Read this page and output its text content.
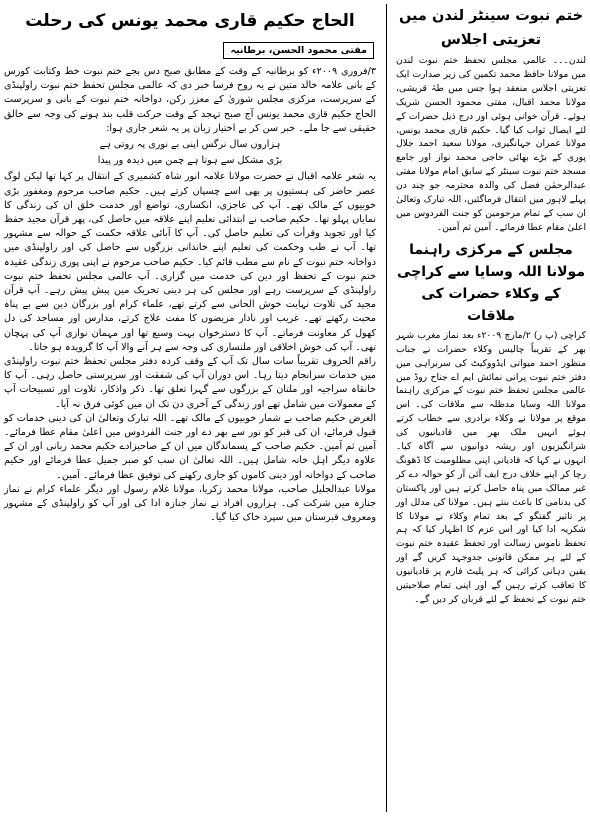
ختم نبوت سینٹر لندن میں تعزیتی اجلاس

لندن۔۔۔ عالمی مجلس تحفظ ختم نبوت لندن میں مولانا حافظ محمد تکمین کی زیر صدارت ایک تعزیتی اجلاس منعقد ہوا جس میں طہٰ قریشی، مولانا محمد اقبال، مفتی محمود الحسن شریک ہوئے۔ قرآن خوانی ہوئی اور درج ذیل حضرات کے لئے ایصال ثواب کیا گیا۔ حکیم قاری محمد یونس، مولانا عمران جہانگیری، مولانا سعید احمد جلال پوری کے بڑے بھائی حاجی محمد نواز اور جامع مسجد ختم نبوت سینٹر کے سابق امام مولانا مفتی عبدالرحمٰن فضل کی والدہ محترمہ جو چند دن پہلے لاہور میں انتقال فرماگئیں، اللہ تبارک وتعالیٰ ان سب کے تمام مرحومین کو جنت الفردوس میں اعلیٰ مقام عطا فرمائے۔ آمین ثم آمین۔

مجلس کے مرکزی راہنما مولانا اللہ وسایا سے کراچی کے وکلاء حضرات کی ملاقات

کراچی (پ ر) ۲/مارچ ۲۰۰۹ء بعد نماز مغرب شہر بھر کے تقریباً چالیس وکلاء حضرات نے جناب منظور احمد میواتی ایڈووکیٹ کی سربراہی میں دفتر ختم نبوت پرانی نمائش ایم اے جناح روڈ میں عالمی مجلس تحفظ ختم نبوت کے مرکزی راہنما مولانا اللہ وسایا مدظلہ سے ملاقات کی۔ اس موقع پر مولانا نے وکلاء برادری سے خطاب کرتے ہوئے انہیں ملک بھر میں قادیانیوں کی شرانگیزیوں اور ریشہ دوانیوں سے آگاہ کیا۔ انہوں نے کہا کہ قادیانی اپنی مظلومیت کا ڈھونگ رچا کر اپنے خلاف درج ایف آئی آر کو حوالہ دے کر غیر ممالک میں پناہ حاصل کرتے ہیں اور پاکستان کی بدنامی کا باعث بنتے ہیں۔ مولانا کی مدلل اور پر تاثیر گفتگو کے بعد تمام وکلاء نے مولانا کا شکریہ ادا کیا اور اس عزم کا اظہار کیا کہ ہم تحفظ ناموس رسالت اور تحفظ عقیدہ ختم نبوت کے لئے ہر ممکن قانونی جدوجہد کریں گے اور یقین دہانی کرائی کہ ہر پلیٹ فارم پر قادیانیوں کا تعاقب کرتے رہیں گے اور اپنی تمام صلاحیتیں ختم نبوت کے تحفظ کے لئے قربان کر دیں گے۔

الحاج حکیم قاری محمد یونس کی رحلت
مفتی محمود الحسن، برطانیہ

۳/فروری ۲۰۰۹ء کو برطانیہ کے وقت کے مطابق صبح دس بجے ختم نبوت خط وکتابت کورس کے بانی علامہ خالد متین نے یہ روح فرسا خبر دی کہ عالمی مجلس تحفظ ختم نبوت راولپنڈی کے سرپرست، مرکزی مجلس شوریٰ کے معزز رکن، دواخانہ ختم نبوت کے بانی و سرپرست الحاج حکیم قاری محمد یونس آج صبح تہجد کے وقت حرکت قلب بند ہونے کی وجہ سے خالق حقیقی سے جا ملے۔ خبر سن کر بے اختیار زبان پر یہ شعر جاری ہوا:

ہزاروں سال نرگس اپنی بے نوری پہ روتی ہے

بڑی مشکل سے ہوتا ہے چمن میں دیدہ ور پیدا

یہ شعر علامہ اقبال نے حضرت مولانا علامہ انور شاہ کشمیری کے انتقال پر کہا تھا لیکن لوگ عصر حاضر کی ہستیوں پر بھی اسے چسپاں کرتے ہیں۔ حکیم صاحب مرحوم ومغفور بڑی خوبیوں کے مالک تھے۔ آپ کی عاجزی، انکساری، تواضع اور خدمت خلق ان کی زندگی کا نمایاں پہلو تھا۔ حکیم صاحب نے ابتدائی تعلیم اپنے علاقہ میں حاصل کی، پھر قرآن مجید حفظ کیا اور تجوید وقرأت کی تعلیم حاصل کی۔ آپ کا آبائی علاقہ حکمت کے حوالہ سے مشہور تھا۔ آپ نے طب وحکمت کی تعلیم اپنے خاندانی بزرگوں سے حاصل کی اور راولپنڈی میں دواخانہ ختم نبوت کے نام سے مطب قائم کیا۔ حکیم صاحب مرحوم نے اپنی پوری زندگی عقیدہ ختم نبوت کے تحفظ اور دین کی خدمت میں گزاری۔ آپ عالمی مجلس تحفظ ختم نبوت راولپنڈی کے سرپرست رہے اور مجلس کی ہر دینی تحریک میں پیش پیش رہے۔ آپ قرآن مجید کی تلاوت نہایت خوش الحانی سے کرتے تھے، علماء کرام اور بزرگان دین سے بے پناہ محبت رکھتے تھے۔ غریب اور نادار مریضوں کا مفت علاج کرتے، مدارس اور مساجد کی دل کھول کر معاونت فرماتے۔ آپ کا دسترخوان بہت وسیع تھا اور مہمان نوازی آپ کی پہچان تھی۔ آپ کی خوش اخلاقی اور ملنساری کی وجہ سے ہر آنے والا آپ کا گرویدہ ہو جاتا۔

راقم الحروف تقریباً سات سال تک آپ کے وقف کردہ دفتر مجلس تحفظ ختم نبوت راولپنڈی میں خدمات سرانجام دیتا رہا۔ اس دوران آپ کی شفقت اور سرپرستی حاصل رہی۔ آپ کا خانقاہ سراجیہ اور ملتان کے بزرگوں سے گہرا تعلق تھا۔ ذکر واذکار، تلاوت اور تسبیحات آپ کے معمولات میں شامل تھے اور زندگی کے آخری دن تک ان میں کوئی فرق نہ آیا۔

الغرض حکیم صاحب بے شمار خوبیوں کے مالک تھے۔ اللہ تبارک وتعالیٰ ان کی دینی خدمات کو قبول فرمائے، ان کی قبر کو نور سے بھر دے اور جنت الفردوس میں اعلیٰ مقام عطا فرمائے۔ آمین ثم آمین۔ حکیم صاحب کے پسماندگان میں ان کے صاحبزادے حکیم محمد ربانی اور ان کے علاوہ دیگر اہل خانہ شامل ہیں۔ اللہ تعالیٰ ان سب کو صبر جمیل عطا فرمائے اور حکیم صاحب کے دواخانہ اور دینی کاموں کو جاری رکھنے کی توفیق عطا فرمائے۔ آمین۔

مولانا عبدالجلیل صاحب، مولانا محمد زکریا، مولانا غلام رسول اور دیگر علماء کرام نے نماز جنازہ میں شرکت کی۔ ہزاروں افراد نے نماز جنازہ ادا کی اور آپ کو راولپنڈی کے مشہور ومعروف قبرستان میں سپرد خاک کیا گیا۔
